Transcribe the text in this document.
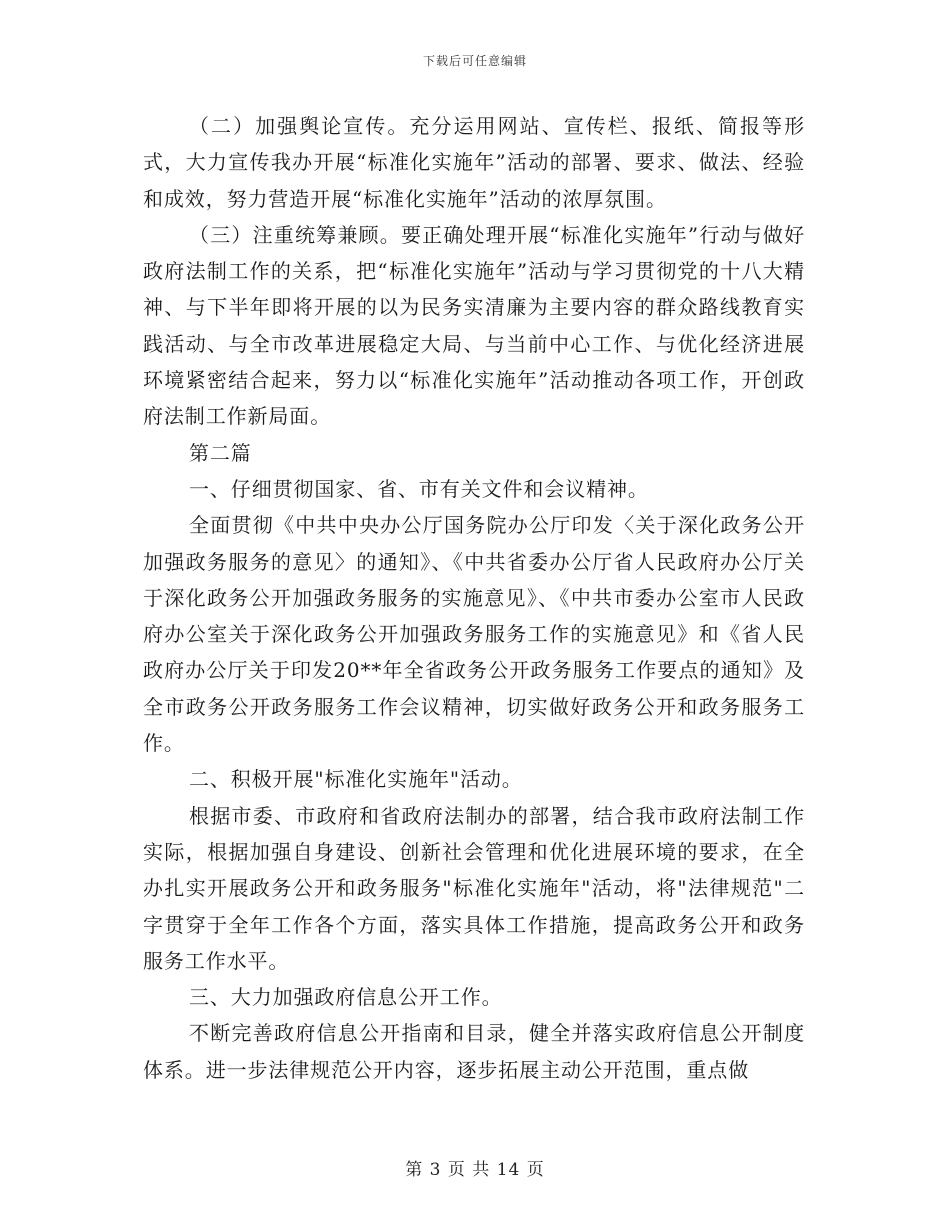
下载后可任意编辑

（二）加强舆论宣传。充分运用网站、宣传栏、报纸、简报等形式，大力宣传我办开展“标准化实施年”活动的部署、要求、做法、经验和成效，努力营造开展“标准化实施年”活动的浓厚氛围。

（三）注重统筹兼顾。要正确处理开展“标准化实施年”行动与做好政府法制工作的关系，把“标准化实施年”活动与学习贯彻党的十八大精神、与下半年即将开展的以为民务实清廉为主要内容的群众路线教育实践活动、与全市改革进展稳定大局、与当前中心工作、与优化经济进展环境紧密结合起来，努力以“标准化实施年”活动推动各项工作，开创政府法制工作新局面。

第二篇

一、仔细贯彻国家、省、市有关文件和会议精神。

全面贯彻《中共中央办公厅国务院办公厅印发〈关于深化政务公开加强政务服务的意见〉的通知》、《中共省委办公厅省人民政府办公厅关于深化政务公开加强政务服务的实施意见》、《中共市委办公室市人民政府办公室关于深化政务公开加强政务服务工作的实施意见》和《省人民政府办公厅关于印发20**年全省政务公开政务服务工作要点的通知》及全市政务公开政务服务工作会议精神，切实做好政务公开和政务服务工作。

二、积极开展"标准化实施年"活动。

根据市委、市政府和省政府法制办的部署，结合我市政府法制工作实际，根据加强自身建设、创新社会管理和优化进展环境的要求，在全办扎实开展政务公开和政务服务"标准化实施年"活动，将"法律规范"二字贯穿于全年工作各个方面，落实具体工作措施，提高政务公开和政务服务工作水平。

三、大力加强政府信息公开工作。

不断完善政府信息公开指南和目录，健全并落实政府信息公开制度体系。进一步法律规范公开内容，逐步拓展主动公开范围，重点做

第 3 页 共 14 页
